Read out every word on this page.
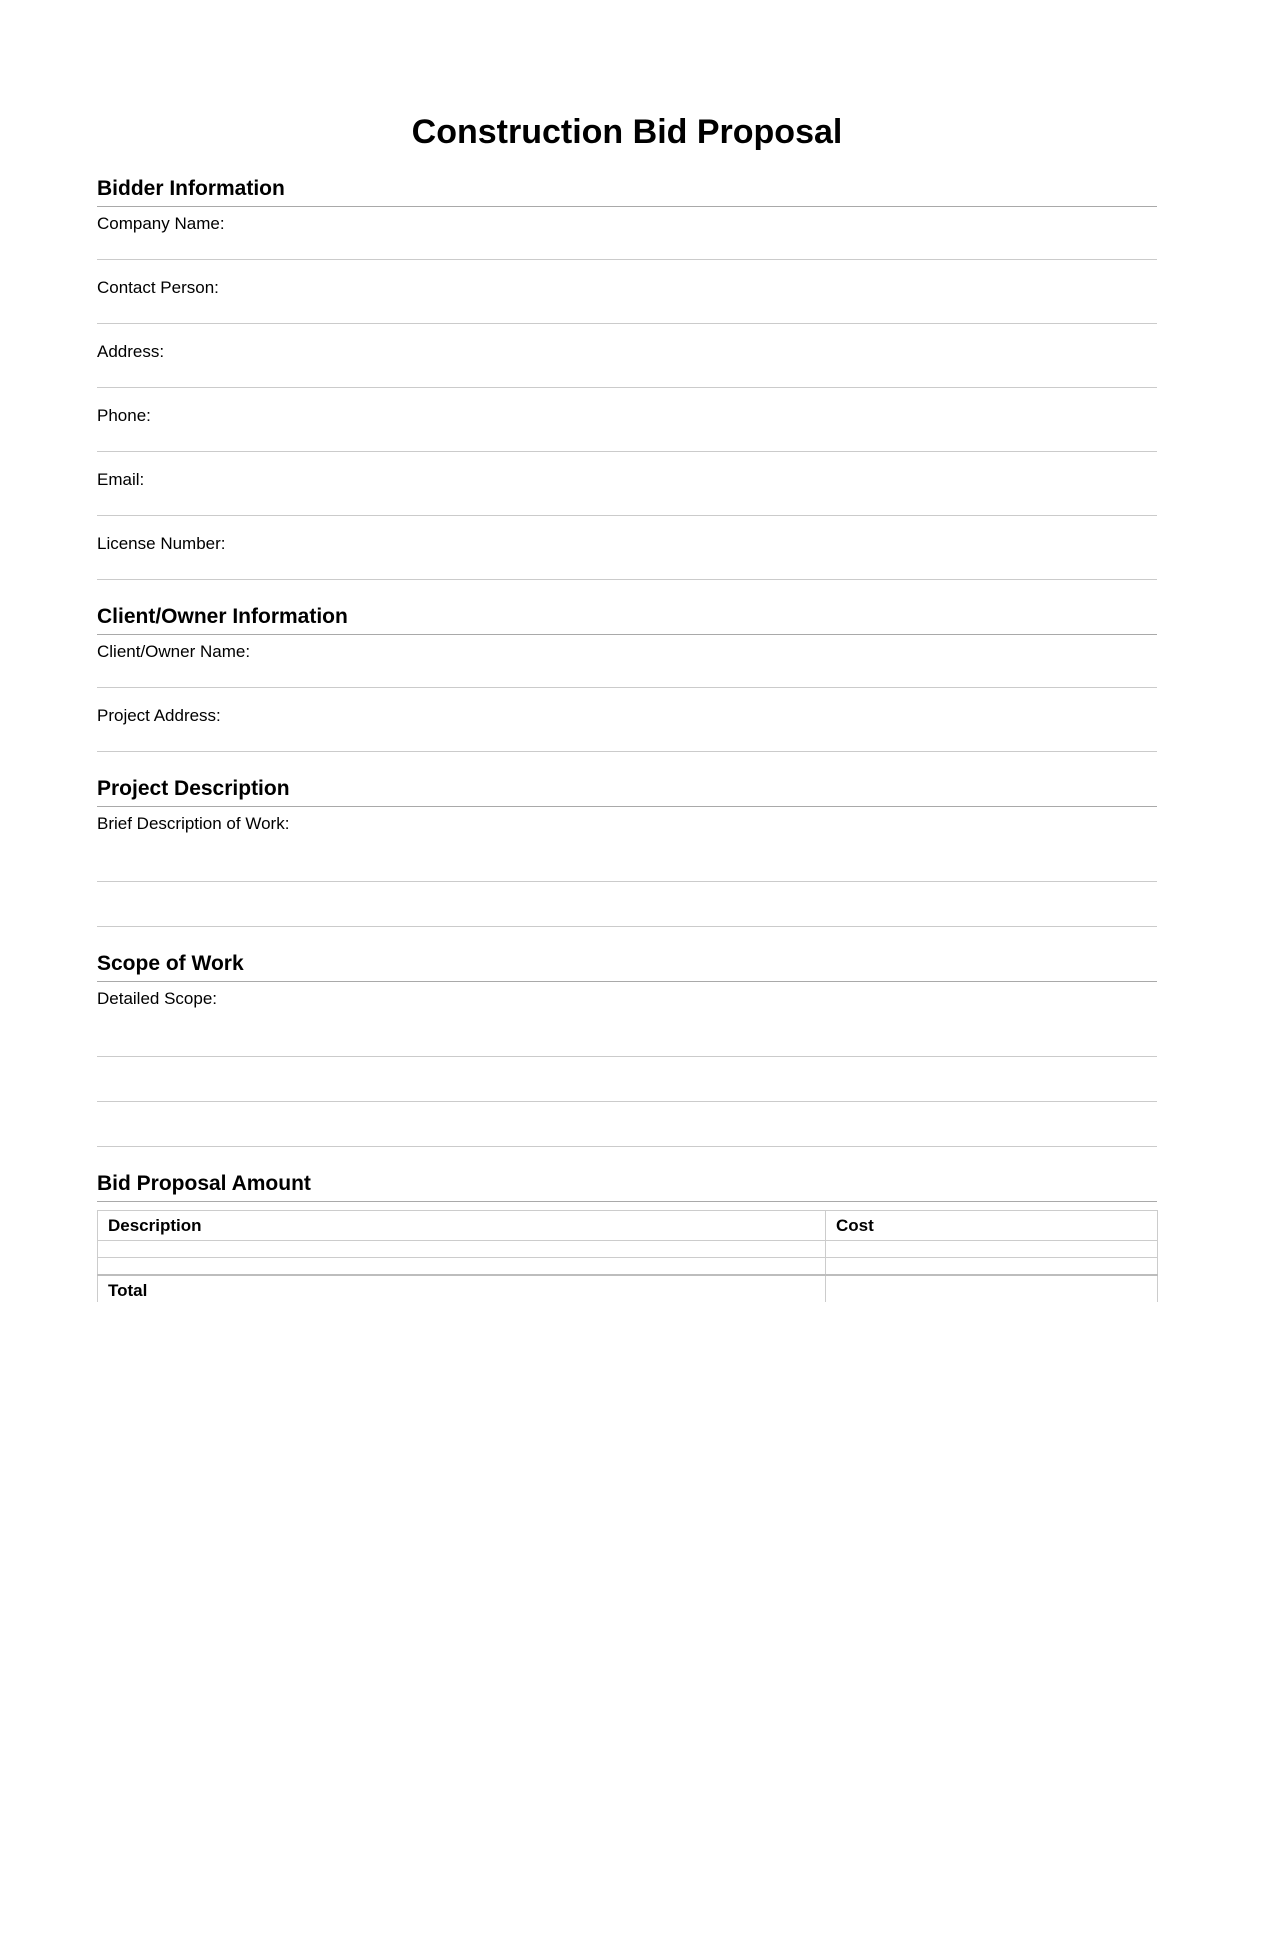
Construction Bid Proposal
Bidder Information
Company Name:
Contact Person:
Address:
Phone:
Email:
License Number:
Client/Owner Information
Client/Owner Name:
Project Address:
Project Description
Brief Description of Work:
Scope of Work
Detailed Scope:
Bid Proposal Amount
Description	Cost

Total	
